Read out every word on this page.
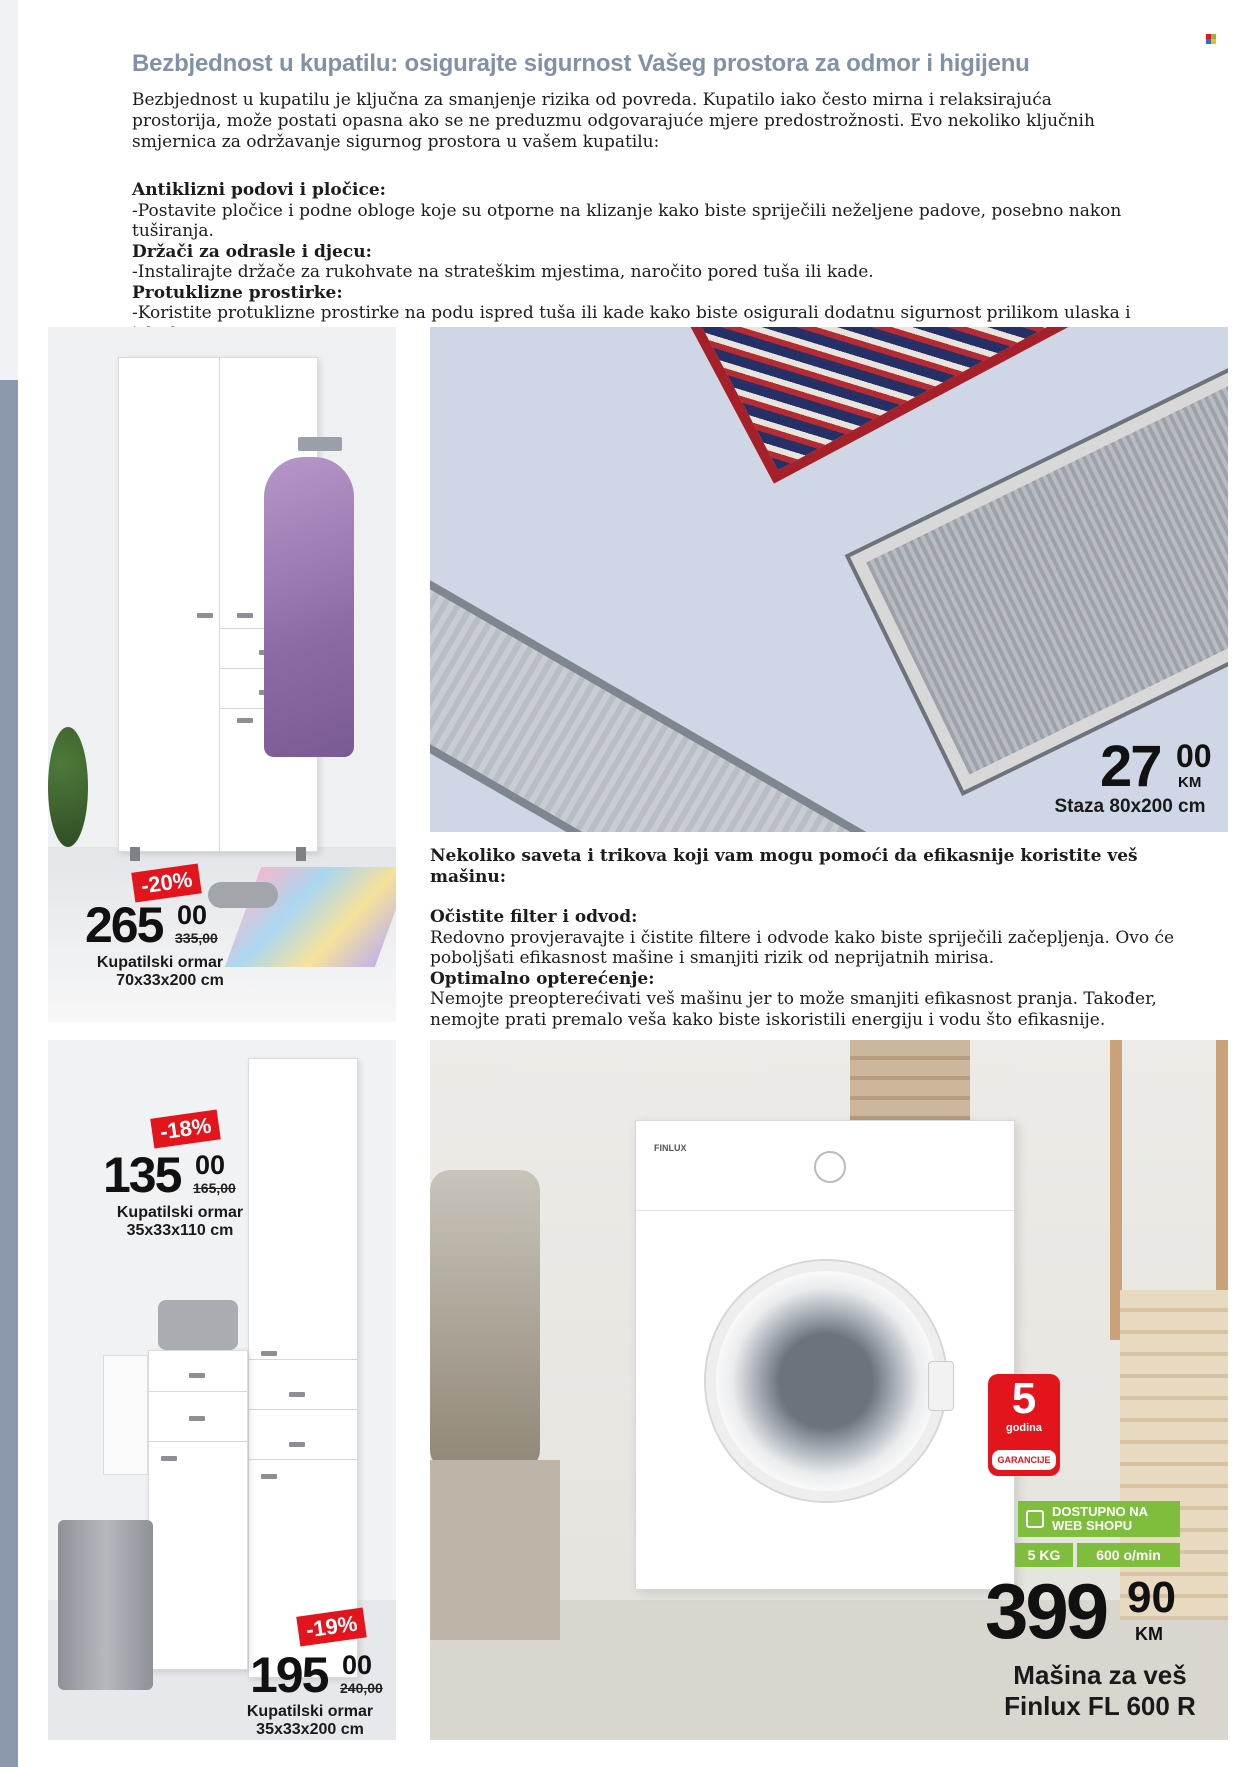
Bezbjednost u kupatilu: osigurajte sigurnost Vašeg prostora za odmor i higijenu

Bezbjednost u kupatilu je ključna za smanjenje rizika od povreda. Kupatilo iako često mirna i relaksirajuća prostorija, može postati opasna ako se ne preduzmu odgovarajuće mjere predostrožnosti. Evo nekoliko ključnih smjernica za održavanje sigurnog prostora u vašem kupatilu:

Antiklizni podovi i pločice:
-Postavite pločice i podne obloge koje su otporne na klizanje kako biste spriječili neželjene padove, posebno nakon tuširanja.
Držači za odrasle i djecu:
-Instalirajte držače za rukohvate na strateškim mjestima, naročito pored tuša ili kade.
Protuklizne prostirke:
-Koristite protuklizne prostirke na podu ispred tuša ili kade kako biste osigurali dodatnu sigurnost prilikom ulaska i
27 00
KM
Staza 80x200 cm
-20%
265 00
335,00
Kupatilski ormar
70x33x200 cm
Nekoliko saveta i trikova koji vam mogu pomoći da efikasnije koristite veš mašinu:
Očistite filter i odvod:
Redovno provjeravajte i čistite filtere i odvode kako biste spriječili začepljenja. Ovo će poboljšati efikasnost mašine i smanjiti rizik od neprijatnih mirisa.
Optimalno opterećenje:
Nemojte preopterećivati veš mašinu jer to može smanjiti efikasnost pranja. Također, nemojte prati premalo veša kako biste iskoristili energiju i vodu što efikasnije.
-18%
135 00
165,00
Kupatilski ormar
35x33x110 cm
-19%
195 00
240,00
Kupatilski ormar
35x33x200 cm
FINLUX
5
godina
GARANCIJE
DOSTUPNO NA
WEB SHOPU
5 KG	600 o/min
399 90
KM
Mašina za veš
Finlux FL 600 R
